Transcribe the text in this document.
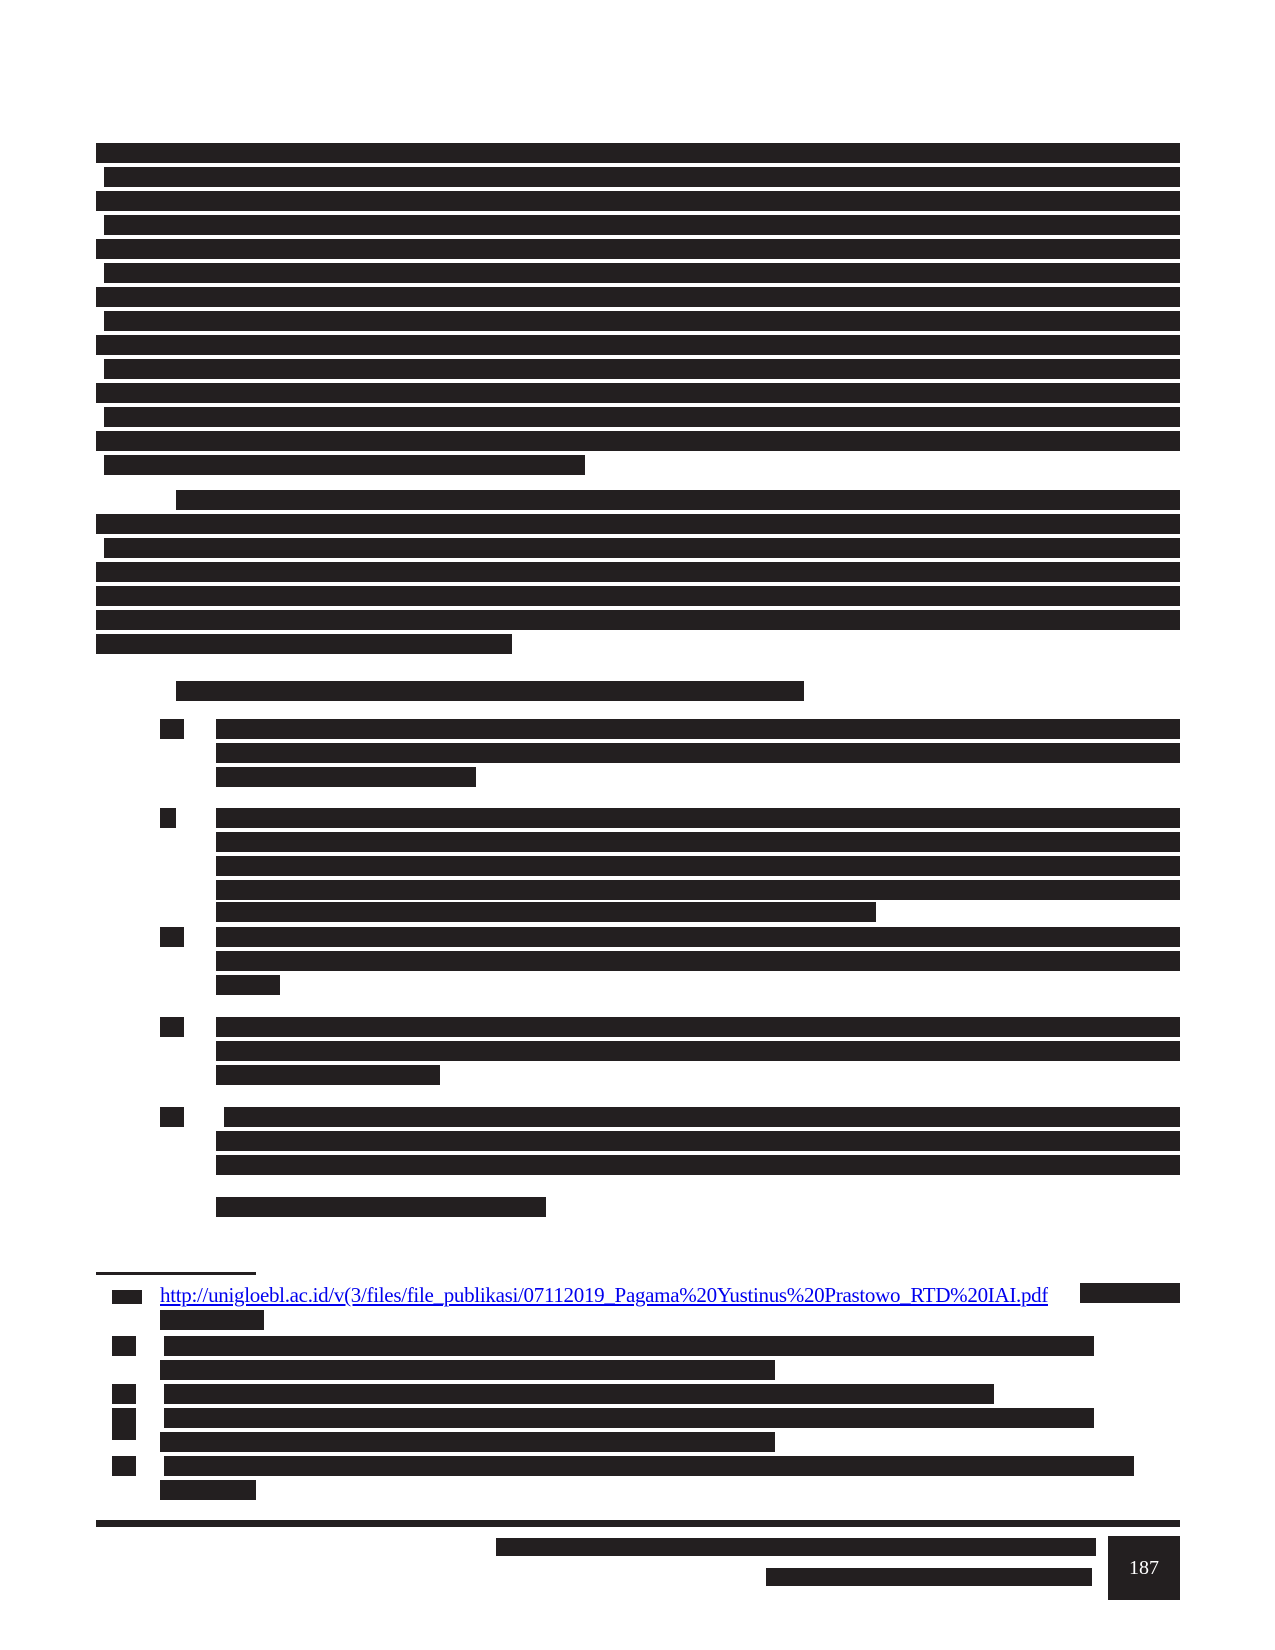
http://unigloebl.ac.id/v(3/files/file_publikasi/07112019_Pagama%20Yustinus%20Prastowo_RTD%20IAI.pdf
187
